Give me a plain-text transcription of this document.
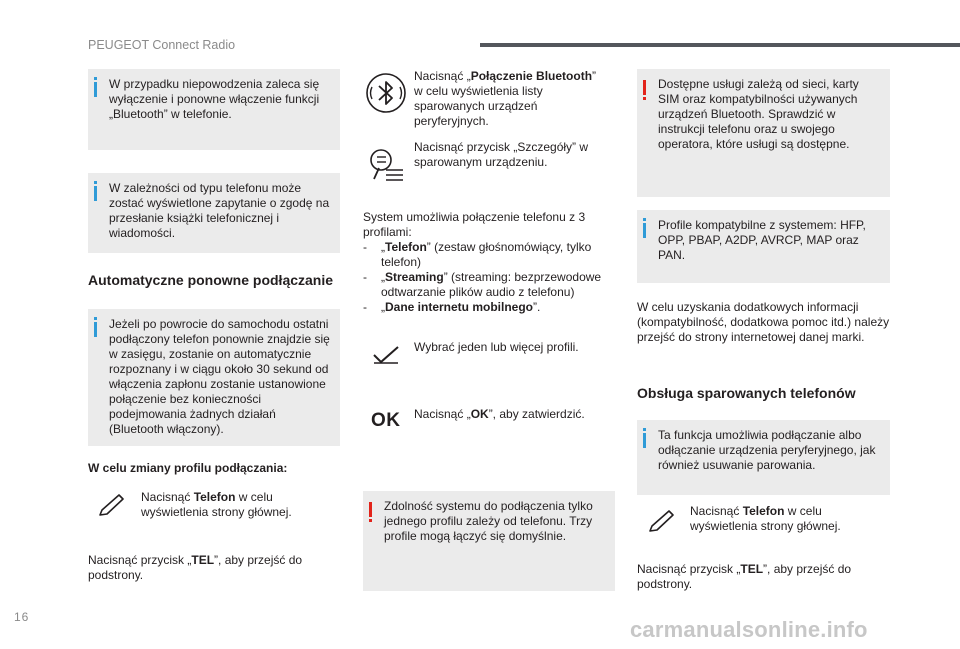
PEUGEOT Connect Radio
W przypadku niepowodzenia zaleca się wyłączenie i ponowne włączenie funkcji „Bluetooth” w telefonie.
W zależności od typu telefonu może zostać wyświetlone zapytanie o zgodę na przesłanie książki telefonicznej i wiadomości.
Automatyczne ponowne podłączanie
Jeżeli po powrocie do samochodu ostatni podłączony telefon ponownie znajdzie się w zasięgu, zostanie on automatycznie rozpoznany i w ciągu około 30 sekund od włączenia zapłonu zostanie ustanowione połączenie bez konieczności podejmowania żadnych działań (Bluetooth włączony).
W celu zmiany profilu podłączania:
Nacisnąć Telefon w celu wyświetlenia strony głównej.
Nacisnąć przycisk „TEL”, aby przejść do podstrony.
Nacisnąć „Połączenie Bluetooth” w celu wyświetlenia listy sparowanych urządzeń peryferyjnych.
Nacisnąć przycisk „Szczegóły” w sparowanym urządzeniu.
System umożliwia połączenie telefonu z 3 profilami:
- „Telefon” (zestaw głośnomówiący, tylko telefon)
- „Streaming” (streaming: bezprzewodowe odtwarzanie plików audio z telefonu)
- „Dane internetu mobilnego”.
Wybrać jeden lub więcej profili.
OK Nacisnąć „OK”, aby zatwierdzić.
Zdolność systemu do podłączenia tylko jednego profilu zależy od telefonu. Trzy profile mogą łączyć się domyślnie.
Dostępne usługi zależą od sieci, karty SIM oraz kompatybilności używanych urządzeń Bluetooth. Sprawdzić w instrukcji telefonu oraz u swojego operatora, które usługi są dostępne.
Profile kompatybilne z systemem: HFP, OPP, PBAP, A2DP, AVRCP, MAP oraz PAN.
W celu uzyskania dodatkowych informacji (kompatybilność, dodatkowa pomoc itd.) należy przejść do strony internetowej danej marki.
Obsługa sparowanych telefonów
Ta funkcja umożliwia podłączanie albo odłączanie urządzenia peryferyjnego, jak również usuwanie parowania.
Nacisnąć Telefon w celu wyświetlenia strony głównej.
Nacisnąć przycisk „TEL”, aby przejść do podstrony.
16	carmanualsonline.info
